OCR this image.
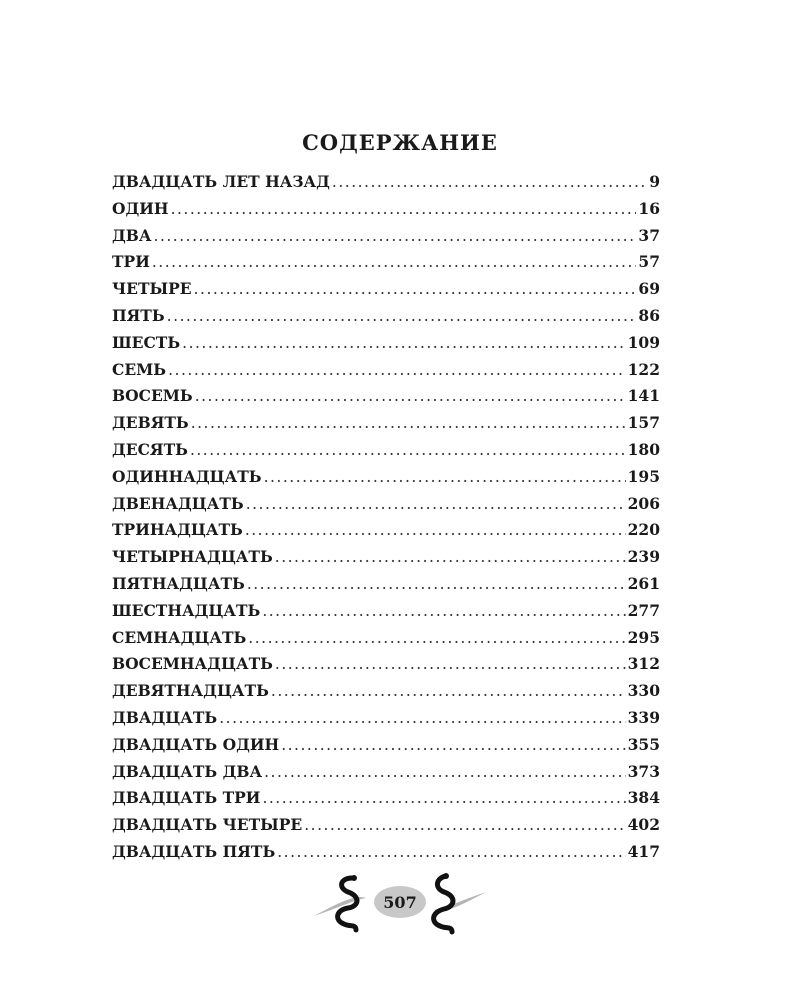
СОДЕРЖАНИЕ
ДВАДЦАТЬ ЛЕТ НАЗАД .....	9
ОДИН .....	16
ДВА .....	37
ТРИ .....	57
ЧЕТЫРЕ .....	69
ПЯТЬ .....	86
ШЕСТЬ .....	109
СЕМЬ .....	122
ВОСЕМЬ .....	141
ДЕВЯТЬ .....	157
ДЕСЯТЬ .....	180
ОДИННАДЦАТЬ .....	195
ДВЕНАДЦАТЬ .....	206
ТРИНАДЦАТЬ .....	220
ЧЕТЫРНАДЦАТЬ .....	239
ПЯТНАДЦАТЬ .....	261
ШЕСТНАДЦАТЬ .....	277
СЕМНАДЦАТЬ .....	295
ВОСЕМНАДЦАТЬ .....	312
ДЕВЯТНАДЦАТЬ .....	330
ДВАДЦАТЬ .....	339
ДВАДЦАТЬ ОДИН .....	355
ДВАДЦАТЬ ДВА .....	373
ДВАДЦАТЬ ТРИ .....	384
ДВАДЦАТЬ ЧЕТЫРЕ .....	402
ДВАДЦАТЬ ПЯТЬ .....	417
507
